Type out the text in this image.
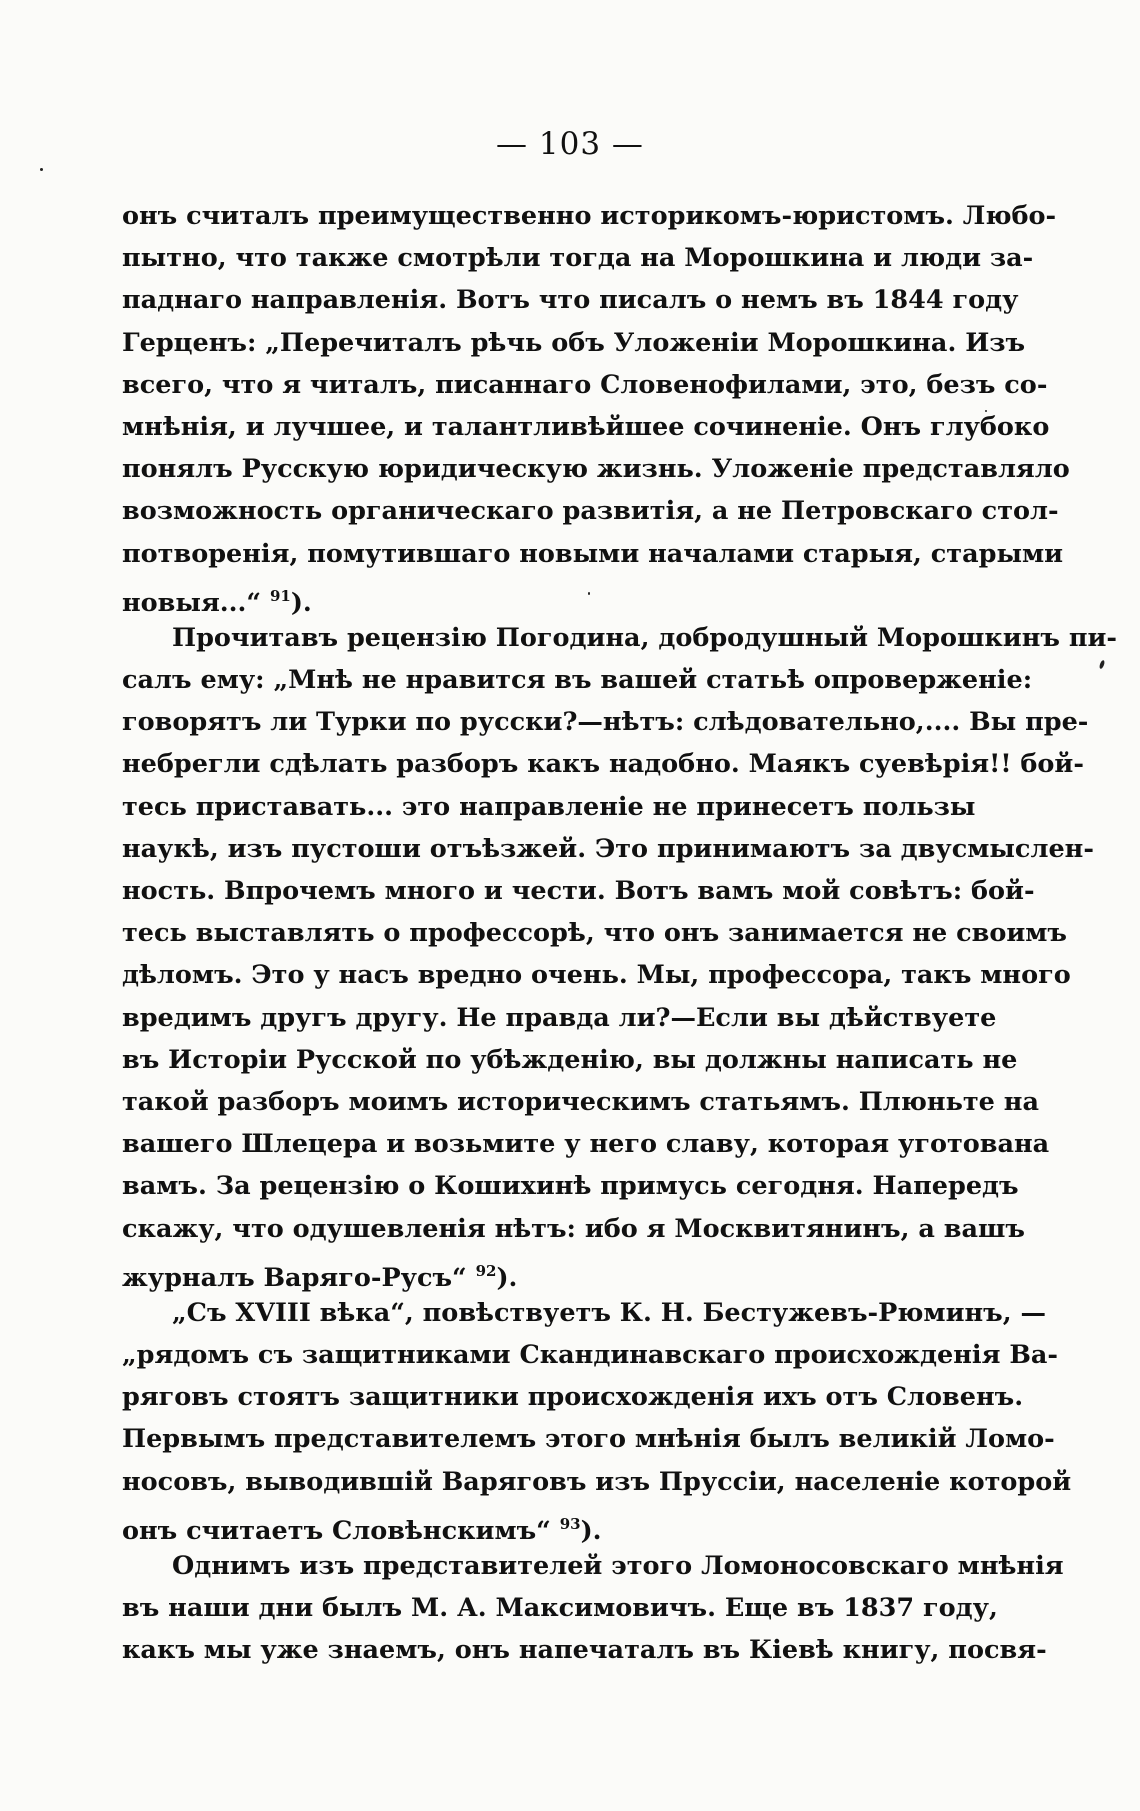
— 103 —
онъ считалъ преимущественно историкомъ-юристомъ. Любо-
пытно, что также смотрѣли тогда на Морошкина и люди за-
паднаго направленія. Вотъ что писалъ о немъ въ 1844 году
Герценъ: „Перечиталъ рѣчь объ Уложеніи Морошкина. Изъ
всего, что я читалъ, писаннаго Словенофилами, это, безъ со-
мнѣнія, и лучшее, и талантливѣйшее сочиненіе. Онъ глубоко
понялъ Русскую юридическую жизнь. Уложеніе представляло
возможность органическаго развитія, а не Петровскаго стол-
потворенія, помутившаго новыми началами старыя, старыми
новыя...“ $^{91}$).
Прочитавъ рецензію Погодина, добродушный Морошкинъ пи-
салъ ему: „Мнѣ не нравится въ вашей статьѣ опроверженіе:
говорятъ ли Турки по русски?—нѣтъ: слѣдовательно,.... Вы пре-
небрегли сдѣлать разборъ какъ надобно. Маякъ суевѣрія!! бой-
тесь приставать... это направленіе не принесетъ пользы
наукѣ, изъ пустоши отъѣзжей. Это принимаютъ за двусмыслен-
ность. Впрочемъ много и чести. Вотъ вамъ мой совѣтъ: бой-
тесь выставлять о профессорѣ, что онъ занимается не своимъ
дѣломъ. Это у насъ вредно очень. Мы, профессора, такъ много
вредимъ другъ другу. Не правда ли?—Если вы дѣйствуете
въ Исторіи Русской по убѣжденію, вы должны написать не
такой разборъ моимъ историческимъ статьямъ. Плюньте на
вашего Шлецера и возьмите у него славу, которая уготована
вамъ. За рецензію о Кошихинѣ примусь сегодня. Напередъ
скажу, что одушевленія нѣтъ: ибо я Москвитянинъ, а вашъ
журналъ Варяго-Русъ“ $^{92}$).
„Съ XVIII вѣка“, повѣствуетъ К. Н. Бестужевъ-Рюминъ, —
„рядомъ съ защитниками Скандинавскаго происхожденія Ва-
ряговъ стоятъ защитники происхожденія ихъ отъ Словенъ.
Первымъ представителемъ этого мнѣнія былъ великій Ломо-
носовъ, выводившій Варяговъ изъ Пруссіи, населеніе которой
онъ считаетъ Словѣнскимъ“ $^{93}$).
Однимъ изъ представителей этого Ломоносовскаго мнѣнія
въ наши дни былъ М. А. Максимовичъ. Еще въ 1837 году,
какъ мы уже знаемъ, онъ напечаталъ въ Кіевѣ книгу, посвя-
